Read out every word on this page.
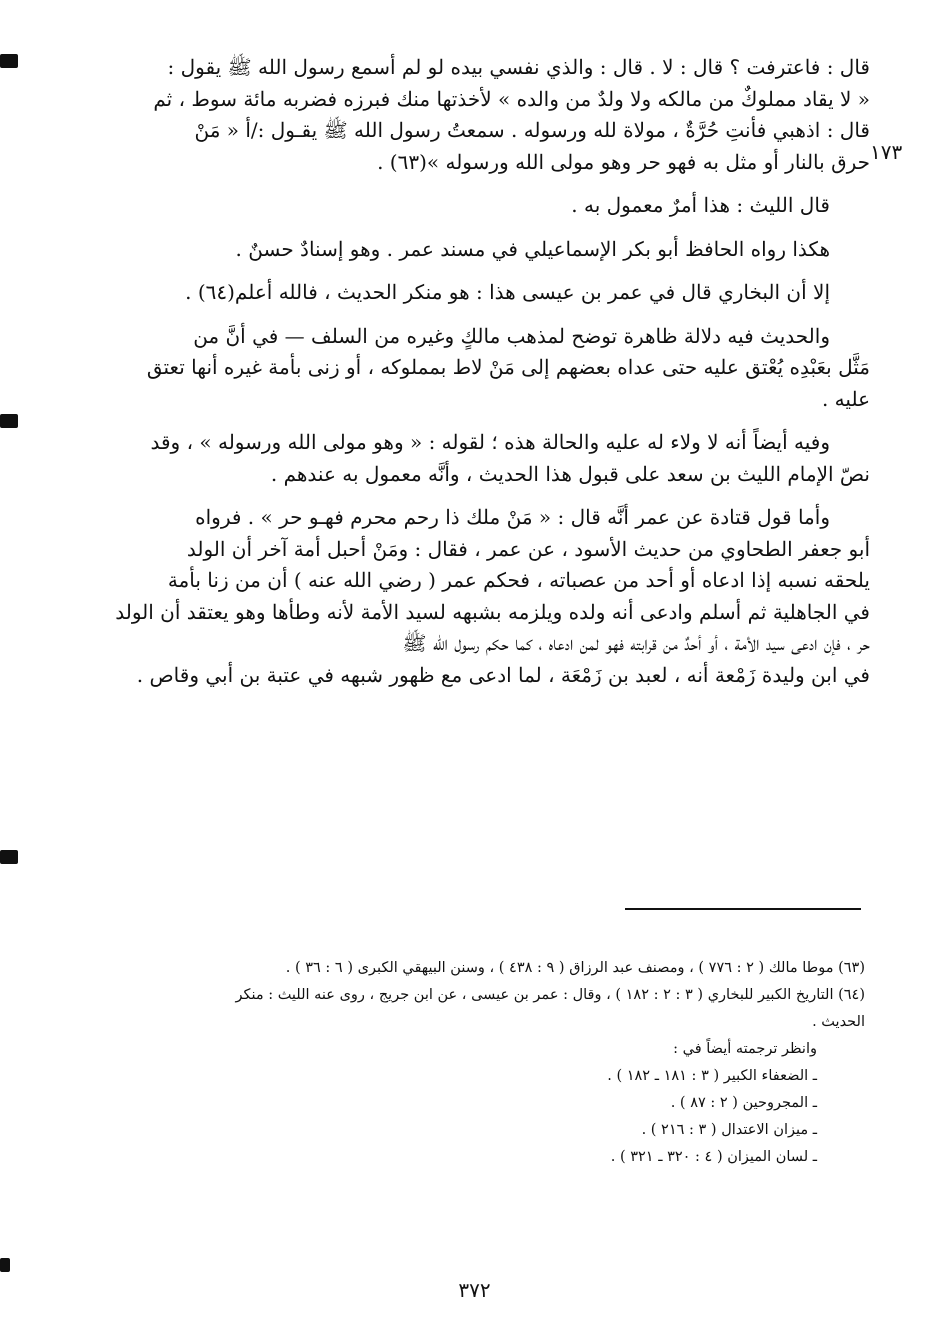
١٧٣
قال : فاعترفت ؟ قال : لا . قال : والذي نفسي بيده لو لم أسمع رسول الله ﷺ يقول :
« لا يقاد مملوكٌ من مالكه ولا ولدٌ من والده » لأخذتها منك فبرزه فضربه مائة سوط ، ثم
قال : اذهبي فأنتِ حُرَّةٌ ، مولاة لله ورسوله . سمعتُ رسول الله ﷺ يقـول :/أ « مَنْ
حرق بالنار أو مثل به فهو حر وهو مولى الله ورسوله »(٦٣) .
قال الليث : هذا أمرٌ معمول به .
هكذا رواه الحافظ أبو بكر الإسماعيلي في مسند عمر . وهو إسنادٌ حسنٌ .
إلا أن البخاري قال في عمر بن عيسى هذا : هو منكر الحديث ، فالله أعلم(٦٤) .
والحديث فيه دلالة ظاهرة توضح لمذهب مالكٍ وغيره من السلف — في أنَّ من
مَثَّل بعَبْدِه يُعْتق عليه حتى عداه بعضهم إلى مَنْ لاط بمملوكه ، أو زنى بأمة غيره أنها تعتق
عليه .
وفيه أيضاً أنه لا ولاء له عليه والحالة هذه ؛ لقوله : « وهو مولى الله ورسوله » ، وقد
نصّ الإمام الليث بن سعد على قبول هذا الحديث ، وأنَّه معمول به عندهم .
وأما قول قتادة عن عمر أنَّه قال : « مَنْ ملك ذا رحم محرم فهـو حر » . فرواه
أبو جعفر الطحاوي من حديث الأسود ، عن عمر ، فقال : ومَنْ أحبل أمة آخر أن الولد
يلحقه نسبه إذا ادعاه أو أحد من عصباته ، فحكم عمر ( رضي الله عنه ) أن من زنا بأمة
في الجاهلية ثم أسلم وادعى أنه ولده ويلزمه بشبهه لسيد الأمة لأنه وطأها وهو يعتقد أن الولد
حر ، فإن ادعى سيد الأمة ، أو أحدٌ من قرابته فهو لمن ادعاه ، كما حكم رسول الله ﷺ
في ابن وليدة زَمْعة أنه ، لعبد بن زَمْعَة ، لما ادعى مع ظهور شبهه في عتبة بن أبي وقاص .
(٦٣) موطا مالك ( ٢ : ٧٧٦ ) ، ومصنف عبد الرزاق ( ٩ : ٤٣٨ ) ، وسنن البيهقي الكبرى ( ٦ : ٣٦ ) .
(٦٤) التاريخ الكبير للبخاري ( ٣ : ٢ : ١٨٢ ) ، وقال : عمر بن عيسى ، عن ابن جريج ، روى عنه الليث : منكر
الحديث .
وانظر ترجمته أيضاً في :
ـ الضعفاء الكبير ( ٣ : ١٨١ ـ ١٨٢ ) .
ـ المجروحين ( ٢ : ٨٧ ) .
ـ ميزان الاعتدال ( ٣ : ٢١٦ ) .
ـ لسان الميزان ( ٤ : ٣٢٠ ـ ٣٢١ ) .
٣٧٢
